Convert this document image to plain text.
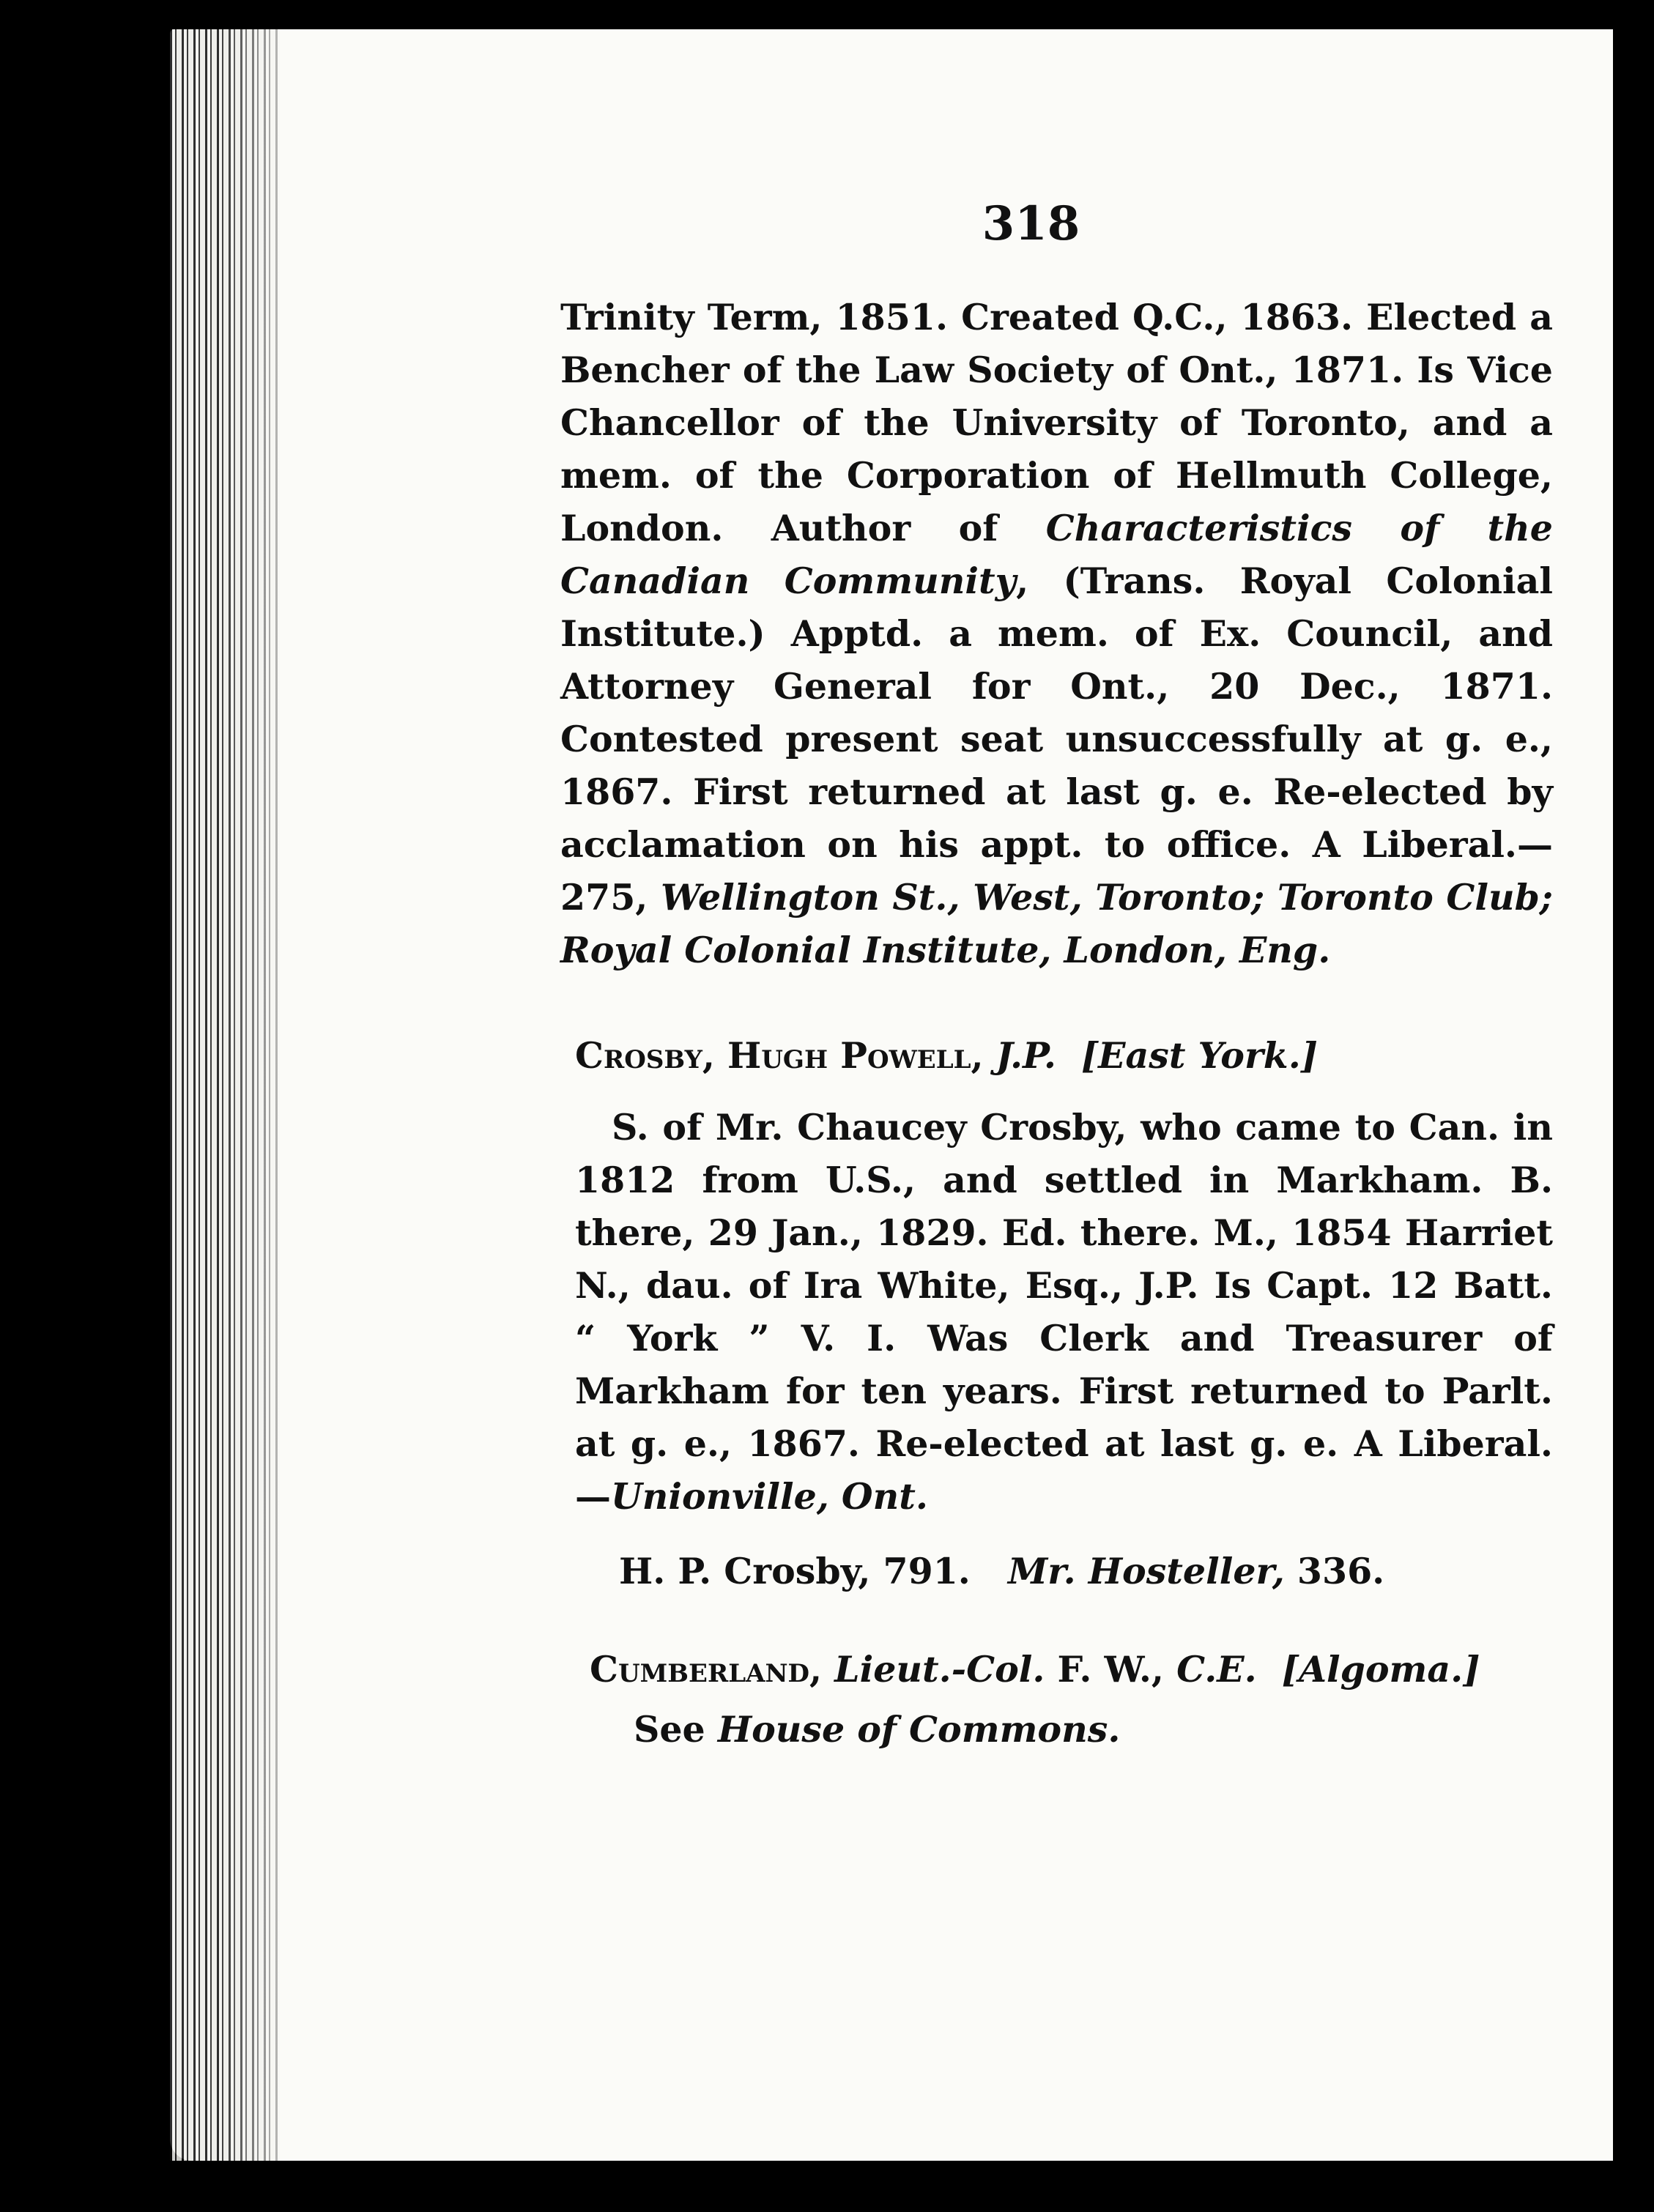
318

Trinity Term, 1851. Created Q.C., 1863. Elected a Bencher of the Law Society of Ont., 1871. Is Vice Chancellor of the University of Toronto, and a mem. of the Corporation of Hellmuth College, London. Author of Characteristics of the Canadian Community, (Trans. Royal Colonial Institute.) Apptd. a mem. of Ex. Council, and Attorney General for Ont., 20 Dec., 1871. Contested present seat unsuccessfully at g. e., 1867. First returned at last g. e. Re-elected by acclamation on his appt. to office. A Liberal.—275, Wellington St., West, Toronto; Toronto Club; Royal Colonial Institute, London, Eng.

Crosby, Hugh Powell, J.P. [East York.]

S. of Mr. Chaucey Crosby, who came to Can. in 1812 from U.S., and settled in Markham. B. there, 29 Jan., 1829. Ed. there. M., 1854 Harriet N., dau. of Ira White, Esq., J.P. Is Capt. 12 Batt. “ York ” V. I. Was Clerk and Treasurer of Markham for ten years. First returned to Parlt. at g. e., 1867. Re-elected at last g. e. A Liberal.—Unionville, Ont.

H. P. Crosby, 791. Mr. Hosteller, 336.
Cumberland, Lieut.-Col. F. W., C.E. [Algoma.]
See House of Commons.
